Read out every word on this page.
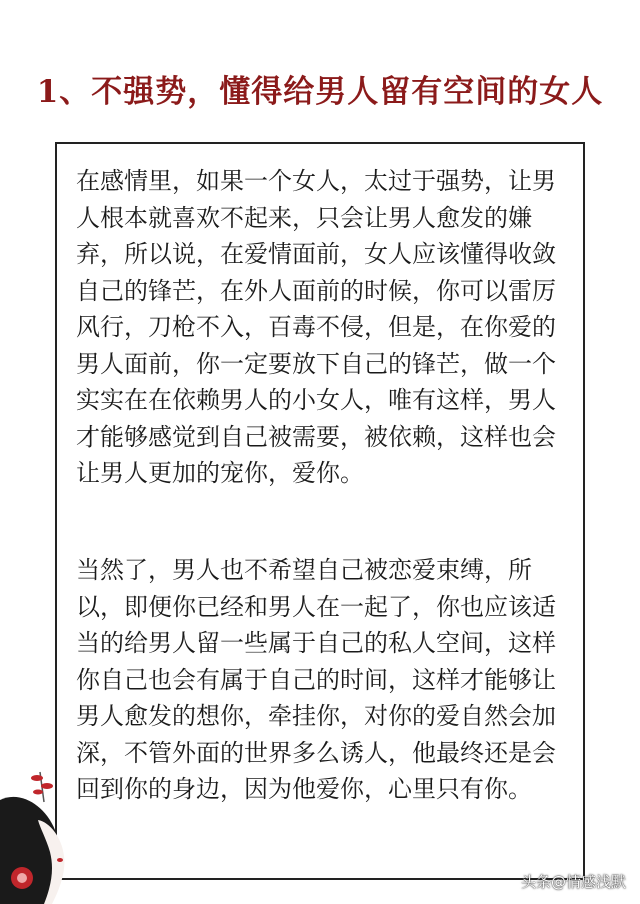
1、不强势，懂得给男人留有空间的女人

在感情里，如果一个女人，太过于强势，让男人根本就喜欢不起来，只会让男人愈发的嫌弃，所以说，在爱情面前，女人应该懂得收敛自己的锋芒，在外人面前的时候，你可以雷厉风行，刀枪不入，百毒不侵，但是，在你爱的男人面前，你一定要放下自己的锋芒，做一个实实在在依赖男人的小女人，唯有这样，男人才能够感觉到自己被需要，被依赖，这样也会让男人更加的宠你，爱你。

当然了，男人也不希望自己被恋爱束缚，所以，即便你已经和男人在一起了，你也应该适当的给男人留一些属于自己的私人空间，这样你自己也会有属于自己的时间，这样才能够让男人愈发的想你，牵挂你，对你的爱自然会加深，不管外面的世界多么诱人，他最终还是会回到你的身边，因为他爱你，心里只有你。

头条@情感浅默
